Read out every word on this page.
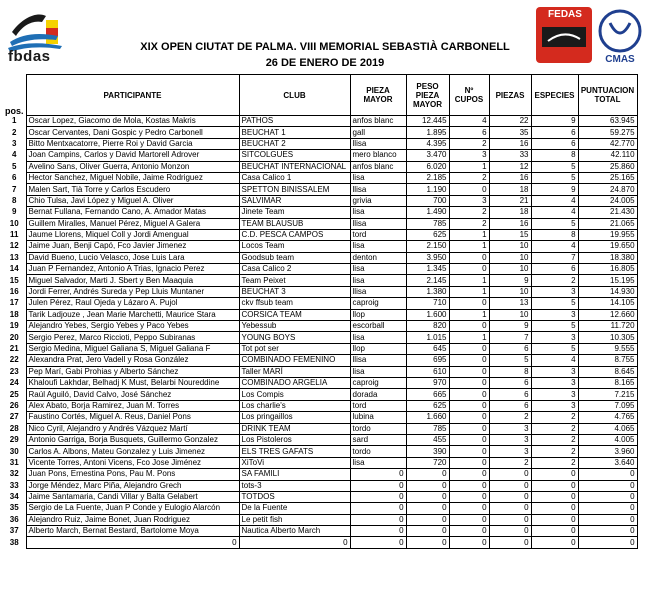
fbdas
FEDAS
CMAS
XIX OPEN CIUTAT DE PALMA. VIII MEMORIAL SEBASTIÀ CARBONELL
26 DE ENERO DE 2019
pos.	PARTICIPANTE	CLUB	PIEZA MAYOR	PESO PIEZA MAYOR	Nº CUPOS	PIEZAS	ESPECIES	PUNTUACION TOTAL
1	Oscar Lopez, Giacomo de Mola, Kostas Makris	PATHOS	anfos blanc	12.445	4	22	9	63.945
2	Oscar Cervantes, Dani Gospic y Pedro Carbonell	BEUCHAT 1	gall	1.895	6	35	6	59.275
3	Bitto Mentxacatorre, Pierre Roi y David Garcia	BEUCHAT 2	llisa	4.395	2	16	6	42.770
4	Joan Campins, Carlos y David Martorell Adrover	SITCOLGUES	mero blanco	3.470	3	33	8	42.110
5	Avelino Sans, Oliver Guerra, Antonio Monzon	BEUCHAT INTERNACIONAL	anfos blanc	6.020	1	12	5	25.860
6	Hector Sanchez, Miguel Nobile, Jaime Rodriguez	Casa Calico 1	lisa	2.185	2	16	5	25.165
7	Malen Sart, Tià Torre y Carlos Escudero	SPETTON BINISSALEM	llisa	1.190	0	18	9	24.870
8	Chio Tulsa, Javi López y Miguel A. Oliver	SALVIMAR	grivia	700	3	21	4	24.005
9	Bernat Fullana, Fernando Cano, A. Amador Matas	Jinete Team	lisa	1.490	2	18	4	21.430
10	Guillem Miralles, Manuel Pérez, Miguel A Galera	TEAM BLAUSUB	llisa	785	2	16	5	21.065
11	Jaume Llorens, Miquel Coll y Jordi Amengual	C.D. PESCA CAMPOS	tord	625	1	15	8	19.955
12	Jaime Juan, Benji Capó, Fco Javier Jimenez	Locos Team	lisa	2.150	1	10	4	19.650
13	David Bueno, Lucio Velasco, Jose Luis Lara	Goodsub team	denton	3.950	0	10	7	18.380
14	Juan P Fernandez, Antonio A Trias, Ignacio Perez	Casa Calico 2	lisa	1.345	0	10	6	16.805
15	Miguel Salvador, Marti J. Sbert y Ben Maaquia	Team Peixet	lisa	2.145	1	9	2	15.195
16	Jordi Ferrer, Andrés Sureda y Pep Lluis Muntaner	BEUCHAT 3	llisa	1.380	1	10	3	14.930
17	Julen Pérez, Raul Ojeda y Lázaro A. Pujol	ckv ffsub team	caproig	710	0	13	5	14.105
18	Tarik Ladjouze , Jean Marie Marchetti, Maurice Stara	CORSICA TEAM	llop	1.600	1	10	3	12.660
19	Alejandro Yebes, Sergio Yebes y Paco Yebes	Yebessub	escorball	820	0	9	5	11.720
20	Sergio Perez, Marco Riccioti, Peppo Subiranas	YOUNG BOYS	lisa	1.015	1	7	3	10.305
21	Sergio Medina, Miguel Galiana S, Miguel Galiana F	Tot pot ser	llop	645	0	6	5	9.555
22	Alexandra Prat, Jero Vadell y Rosa González	COMBINADO FEMENINO	llisa	695	0	5	4	8.755
23	Pep Marí, Gabi Prohias y Alberto Sánchez	Taller MARÍ	lisa	610	0	8	3	8.645
24	Khaloufi Lakhdar, Belhadj K Must, Belarbi Noureddine	COMBINADO ARGELIA	caproig	970	0	6	3	8.165
25	Raúl Aguiló, David Calvo, José Sánchez	Los Compis	dorada	665	0	6	3	7.215
26	Alex Abato, Borja Ramirez, Juan M. Torres	Los charlie's	tord	625	0	6	3	7.095
27	Faustino Cortés, Miguel A. Reus, Daniel Pons	Los pringaillos	lubina	1.660	0	2	2	4.765
28	Nico Cyril, Alejandro y Andrés Vázquez Martí	DRINK TEAM	tordo	785	0	3	2	4.065
29	Antonio Garriga, Borja Busquets, Guillermo Gonzalez	Los Pistoleros	sard	455	0	3	2	4.005
30	Carlos A. Albons, Mateu Gonzalez y Luis Jimenez	ELS TRES GAFATS	tordo	390	0	3	2	3.960
31	Vicente Torres, Antoni Vicens, Fco Jose Jiménez	XiToVi	lisa	720	0	2	2	3.640
32	Juan Pons, Ernestina Pons, Pau M. Pons	SA FAMILI	0	0	0	0	0	0
33	Jorge Méndez, Marc Piña, Alejandro Grech	tots-3	0	0	0	0	0	0
34	Jaime Santamaria, Candi Villar y Balta Gelabert	TOTDOS	0	0	0	0	0	0
35	Sergio de La Fuente, Juan P Conde y Eulogio Alarcón	De la Fuente	0	0	0	0	0	0
36	Alejandro Ruiz, Jaime Bonet, Juan Rodriguez	Le petit fish	0	0	0	0	0	0
37	Alberto March, Bernat Bestard, Bartolome Moya	Nautica Alberto March	0	0	0	0	0	0
38	0	0	0	0	0	0	0	0
